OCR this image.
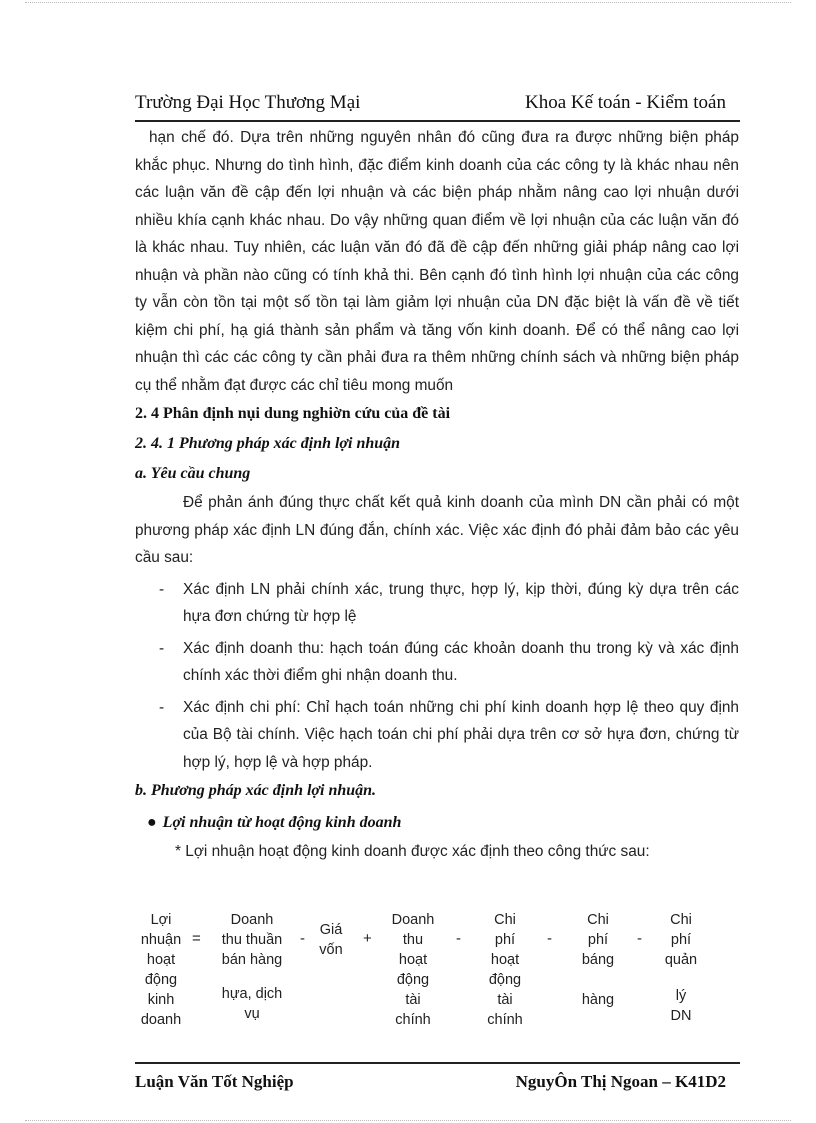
Trường Đại Học Thương Mại	Khoa Kế toán - Kiểm toán

hạn chế đó. Dựa trên những nguyên nhân đó cũng đưa ra được những biện pháp khắc phục. Nhưng do tình hình, đặc điểm kinh doanh của các công ty là khác nhau nên các luận văn đề cập đến lợi nhuận và các biện pháp nhằm nâng cao lợi nhuận dưới nhiều khía cạnh khác nhau. Do vậy những quan điểm về lợi nhuận của các luận văn đó là khác nhau. Tuy nhiên, các luận văn đó đã đề cập đến những giải pháp nâng cao lợi nhuận và phần nào cũng có tính khả thi. Bên cạnh đó tình hình lợi nhuận của các công ty vẫn còn tồn tại một số tồn tại làm giảm lợi nhuận của DN đặc biệt là vấn đề về tiết kiệm chi phí, hạ giá thành sản phẩm và tăng vốn kinh doanh. Để có thể nâng cao lợi nhuận thì các các công ty cần phải đưa ra thêm những chính sách và những biện pháp cụ thể nhằm đạt được các chỉ tiêu mong muốn

2. 4 Phân định nụi dung nghiờn cứu của đề tài

2. 4. 1 Phương pháp xác định lợi nhuận

a. Yêu cầu chung

Để phản ánh đúng thực chất kết quả kinh doanh của mình DN cần phải có một phương pháp xác định LN đúng đắn, chính xác. Việc xác định đó phải đảm bảo các yêu cầu sau:

- Xác định LN phải chính xác, trung thực, hợp lý, kịp thời, đúng kỳ dựa trên các hựa đơn chứng từ hợp lệ
- Xác định doanh thu: hạch toán đúng các khoản doanh thu trong kỳ và xác định chính xác thời điểm ghi nhận doanh thu.
- Xác định chi phí: Chỉ hạch toán những chi phí kinh doanh hợp lệ theo quy định của Bộ tài chính. Việc hạch toán chi phí phải dựa trên cơ sở hựa đơn, chứng từ hợp lý, hợp lệ và hợp pháp.

b. Phương pháp xác định lợi nhuận.

● Lợi nhuận từ hoạt động kinh doanh

* Lợi nhuận hoạt động kinh doanh được xác định theo công thức sau:

Lợi
nhuận
hoạt
động
kinh
doanh
=
Doanh
thu thuần
bán hàng
hựa, dịch
vụ
-	Giá
vốn
+
Doanh
thu
hoạt
động
tài
chính
-
Chi
phí
hoạt
động
tài
chính
-
Chi
phí
báng
hàng
-
Chi
phí
quản
lý
DN
Luận Văn Tốt Nghiệp	NguyÔn Thị Ngoan – K41D2
